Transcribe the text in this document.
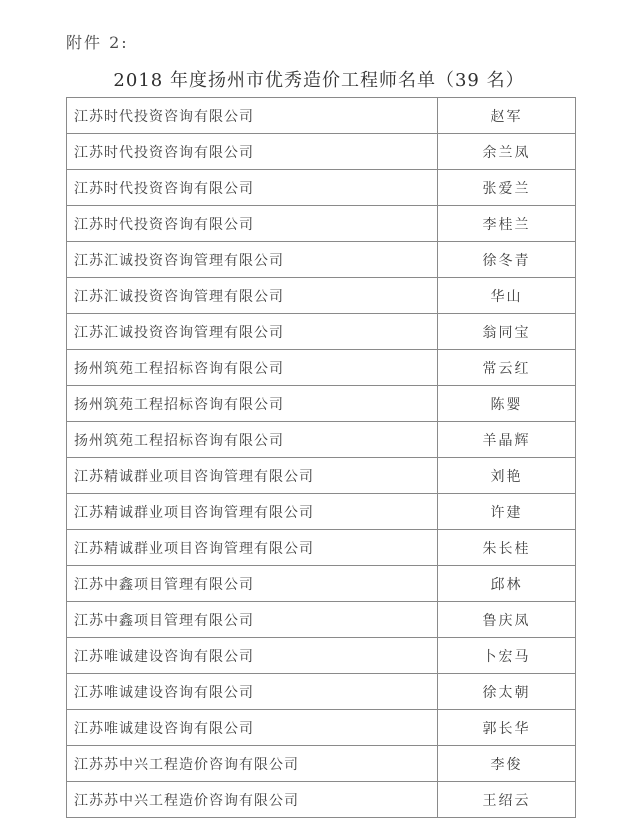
附件 2:
2018 年度扬州市优秀造价工程师名单（39 名）
江苏时代投资咨询有限公司	赵军
江苏时代投资咨询有限公司	余兰凤
江苏时代投资咨询有限公司	张爱兰
江苏时代投资咨询有限公司	李桂兰
江苏汇诚投资咨询管理有限公司	徐冬青
江苏汇诚投资咨询管理有限公司	华山
江苏汇诚投资咨询管理有限公司	翁同宝
扬州筑苑工程招标咨询有限公司	常云红
扬州筑苑工程招标咨询有限公司	陈婴
扬州筑苑工程招标咨询有限公司	羊晶辉
江苏精诚群业项目咨询管理有限公司	刘艳
江苏精诚群业项目咨询管理有限公司	许建
江苏精诚群业项目咨询管理有限公司	朱长桂
江苏中鑫项目管理有限公司	邱林
江苏中鑫项目管理有限公司	鲁庆凤
江苏唯诚建设咨询有限公司	卜宏马
江苏唯诚建设咨询有限公司	徐太朝
江苏唯诚建设咨询有限公司	郭长华
江苏苏中兴工程造价咨询有限公司	李俊
江苏苏中兴工程造价咨询有限公司	王绍云
